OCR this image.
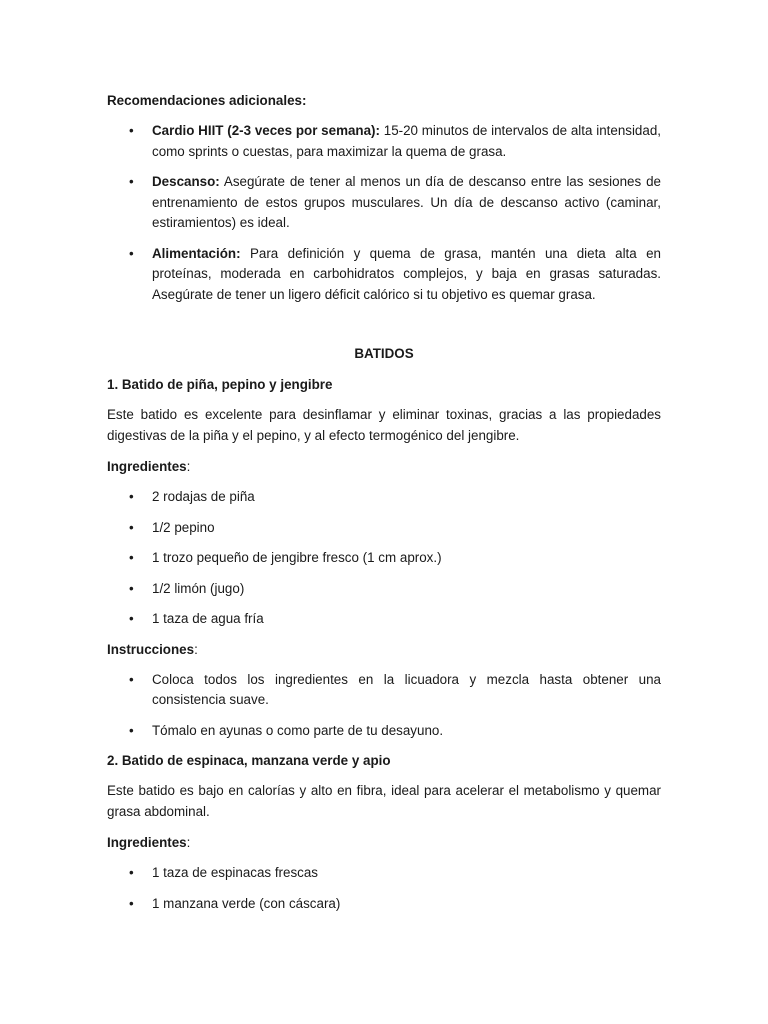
Recomendaciones adicionales:
• Cardio HIIT (2-3 veces por semana): 15-20 minutos de intervalos de alta intensidad, como sprints o cuestas, para maximizar la quema de grasa.
• Descanso: Asegúrate de tener al menos un día de descanso entre las sesiones de entrenamiento de estos grupos musculares. Un día de descanso activo (caminar, estiramientos) es ideal.
• Alimentación: Para definición y quema de grasa, mantén una dieta alta en proteínas, moderada en carbohidratos complejos, y baja en grasas saturadas. Asegúrate de tener un ligero déficit calórico si tu objetivo es quemar grasa.
BATIDOS
1. Batido de piña, pepino y jengibre

Este batido es excelente para desinflamar y eliminar toxinas, gracias a las propiedades digestivas de la piña y el pepino, y al efecto termogénico del jengibre.

Ingredientes:
• 2 rodajas de piña
• 1/2 pepino
• 1 trozo pequeño de jengibre fresco (1 cm aprox.)
• 1/2 limón (jugo)
• 1 taza de agua fría
Instrucciones:
• Coloca todos los ingredientes en la licuadora y mezcla hasta obtener una consistencia suave.
• Tómalo en ayunas o como parte de tu desayuno.
2. Batido de espinaca, manzana verde y apio

Este batido es bajo en calorías y alto en fibra, ideal para acelerar el metabolismo y quemar grasa abdominal.

Ingredientes:
• 1 taza de espinacas frescas
• 1 manzana verde (con cáscara)
